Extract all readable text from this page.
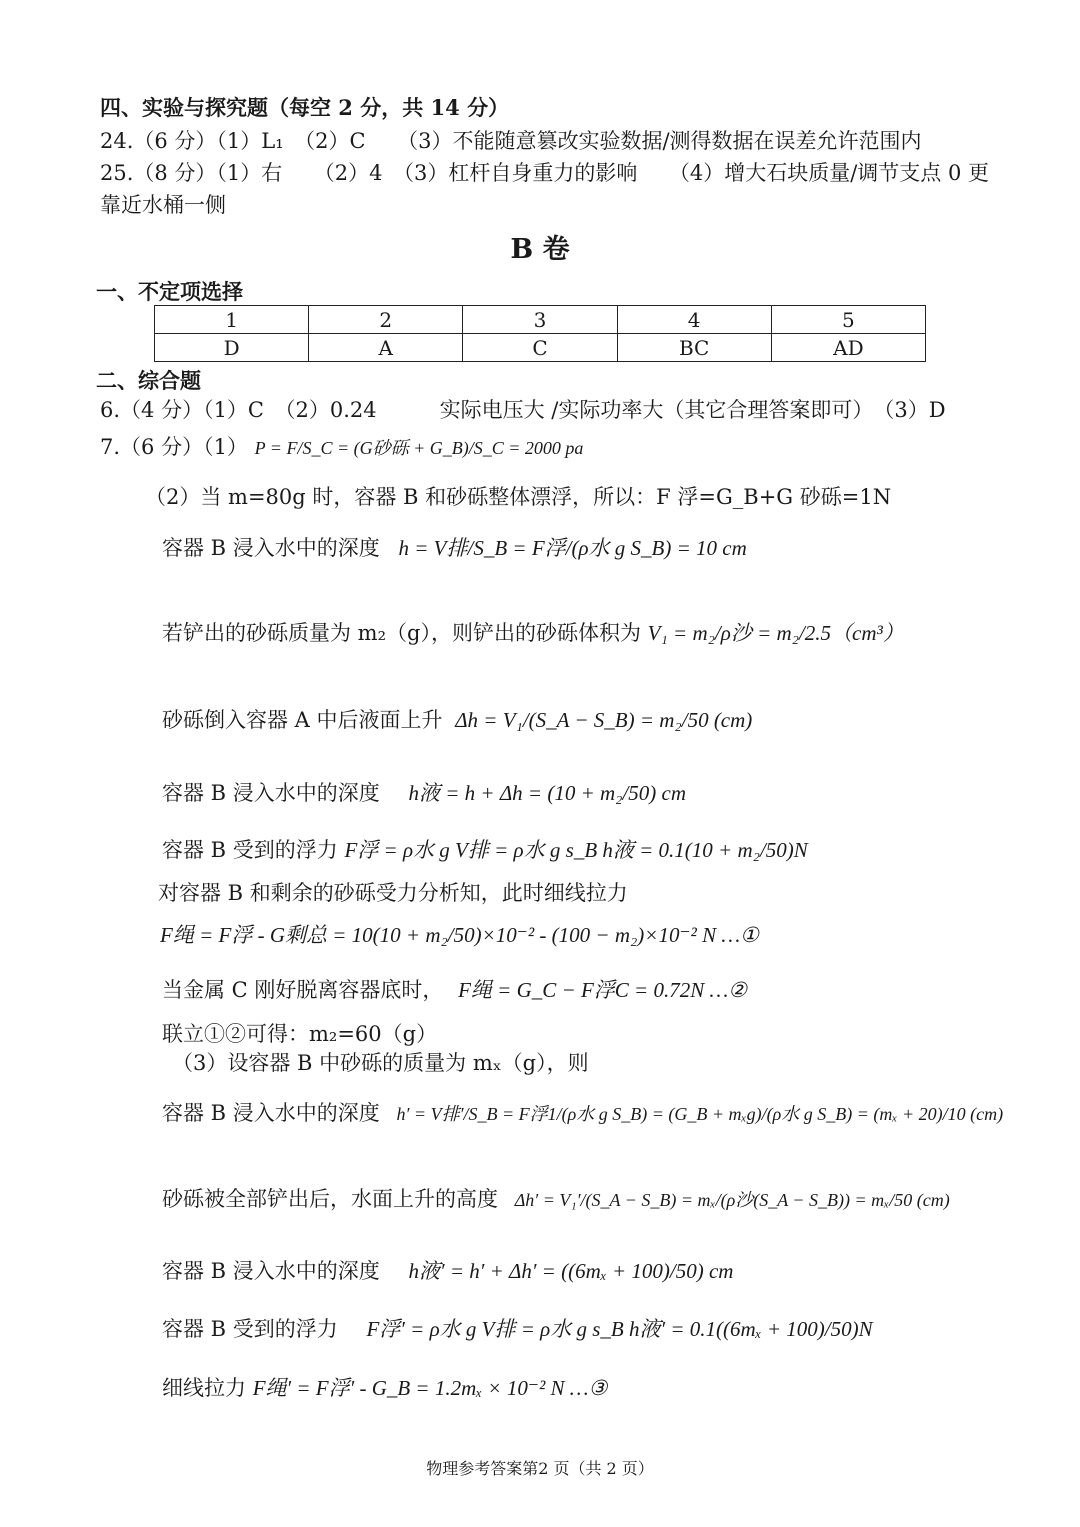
四、实验与探究题（每空 2 分，共 14 分）
24.（6 分）（1）L₁　（2）C　　（3）不能随意篡改实验数据/测得数据在误差允许范围内
25.（8 分）（1）右　　（2）4　（3）杠杆自身重力的影响　　（4）增大石块质量/调节支点 0 更
靠近水桶一侧
B 卷
一、不定项选择
1	2	3	4	5
D	A	C	BC	AD
二、综合题
6.（4 分）（1）C　（2）0.24　　　实际电压大 /实际功率大（其它合理答案即可）　（3）D
7.（6 分）（1） P = F/S_C = (G砂砾 + G_B)/S_C = 2000 pa
（2）当 m=80g 时，容器 B 和砂砾整体漂浮，所以：F 浮=G_B+G 砂砾=1N
容器 B 浸入水中的深度 h = V排/S_B = F浮/(ρ水 g S_B) = 10 cm
若铲出的砂砾质量为 m₂（g），则铲出的砂砾体积为 V₁ = m₂/ρ沙 = m₂/2.5（cm³）
砂砾倒入容器 A 中后液面上升 Δh = V₁/(S_A − S_B) = m₂/50 (cm)
容器 B 浸入水中的深度 h液 = h + Δh = (10 + m₂/50) cm
容器 B 受到的浮力 F浮 = ρ水 g V排 = ρ水 g s_B h液 = 0.1(10 + m₂/50)N
对容器 B 和剩余的砂砾受力分析知，此时细线拉力
F绳 = F浮 - G剩总 = 10(10 + m₂/50)×10⁻² - (100 − m₂)×10⁻² N …①
当金属 C 刚好脱离容器底时， F绳 = G_C − F浮C = 0.72N …②
联立①②可得：m₂=60（g）
（3）设容器 B 中砂砾的质量为 mₓ（g），则
容器 B 浸入水中的深度 h′ = V排′/S_B = F浮1/(ρ水 g S_B) = (G_B + mₓg)/(ρ水 g S_B) = (mₓ + 20)/10 (cm)
砂砾被全部铲出后，水面上升的高度 Δh′ = V₁′/(S_A − S_B) = mₓ/(ρ沙(S_A − S_B)) = mₓ/50 (cm)
容器 B 浸入水中的深度 h液′ = h′ + Δh′ = ((6mₓ + 100)/50) cm
容器 B 受到的浮力 F浮′ = ρ水 g V排 = ρ水 g s_B h液′ = 0.1((6mₓ + 100)/50)N
细线拉力 F绳′ = F浮′ - G_B = 1.2mₓ × 10⁻² N …③
物理参考答案第2 页（共 2 页）
